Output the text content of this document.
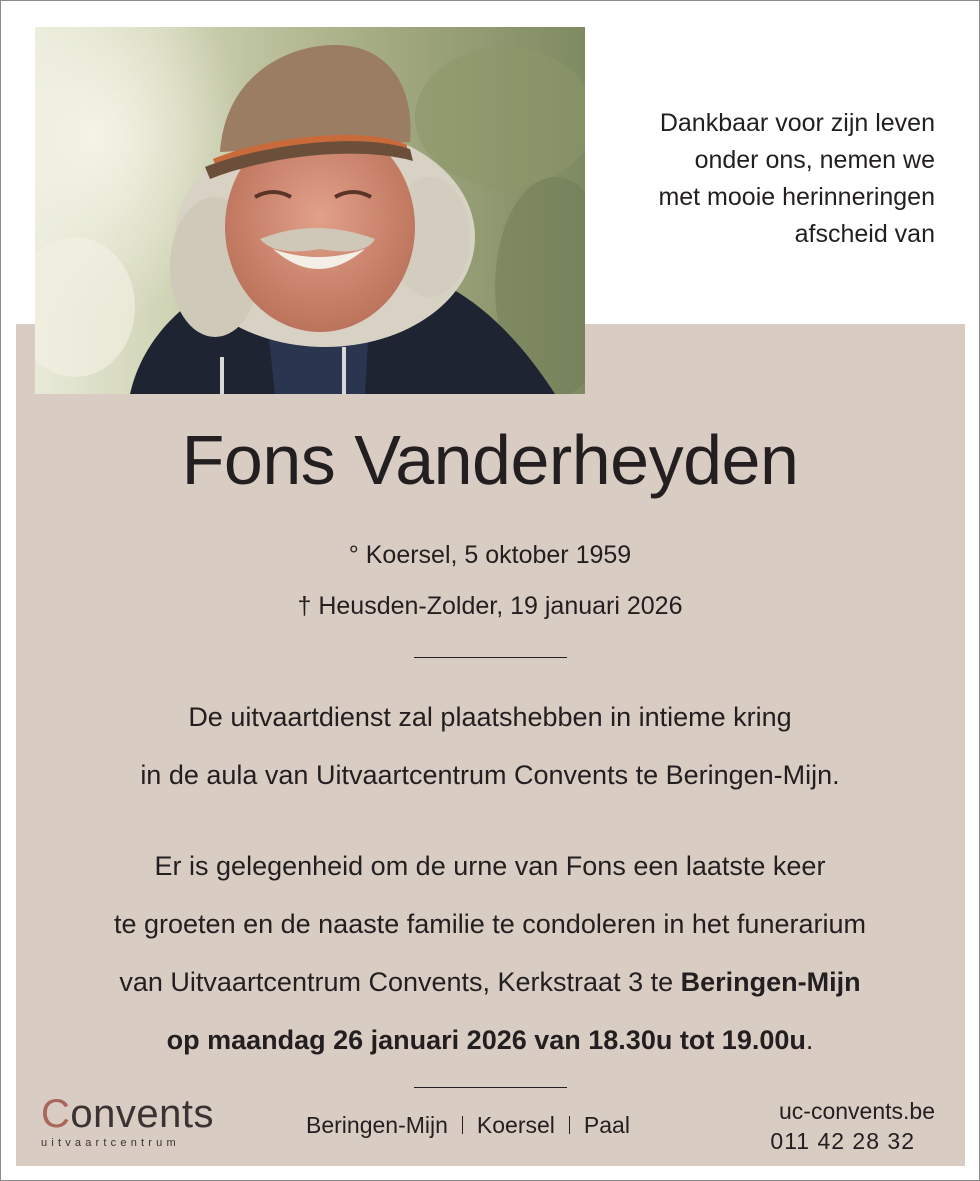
Dankbaar voor zijn leven
onder ons, nemen we
met mooie herinneringen
afscheid van
Fons Vanderheyden
° Koersel, 5 oktober 1959
† Heusden-Zolder, 19 januari 2026
De uitvaartdienst zal plaatshebben in intieme kring
in de aula van Uitvaartcentrum Convents te Beringen-Mijn.
Er is gelegenheid om de urne van Fons een laatste keer
te groeten en de naaste familie te condoleren in het funerarium
van Uitvaartcentrum Convents, Kerkstraat 3 te Beringen-Mijn
op maandag 26 januari 2026 van 18.30u tot 19.00u.
Convents
uitvaartcentrum
Beringen-Mijn Koersel Paal
uc-convents.be
011 42 28 32
